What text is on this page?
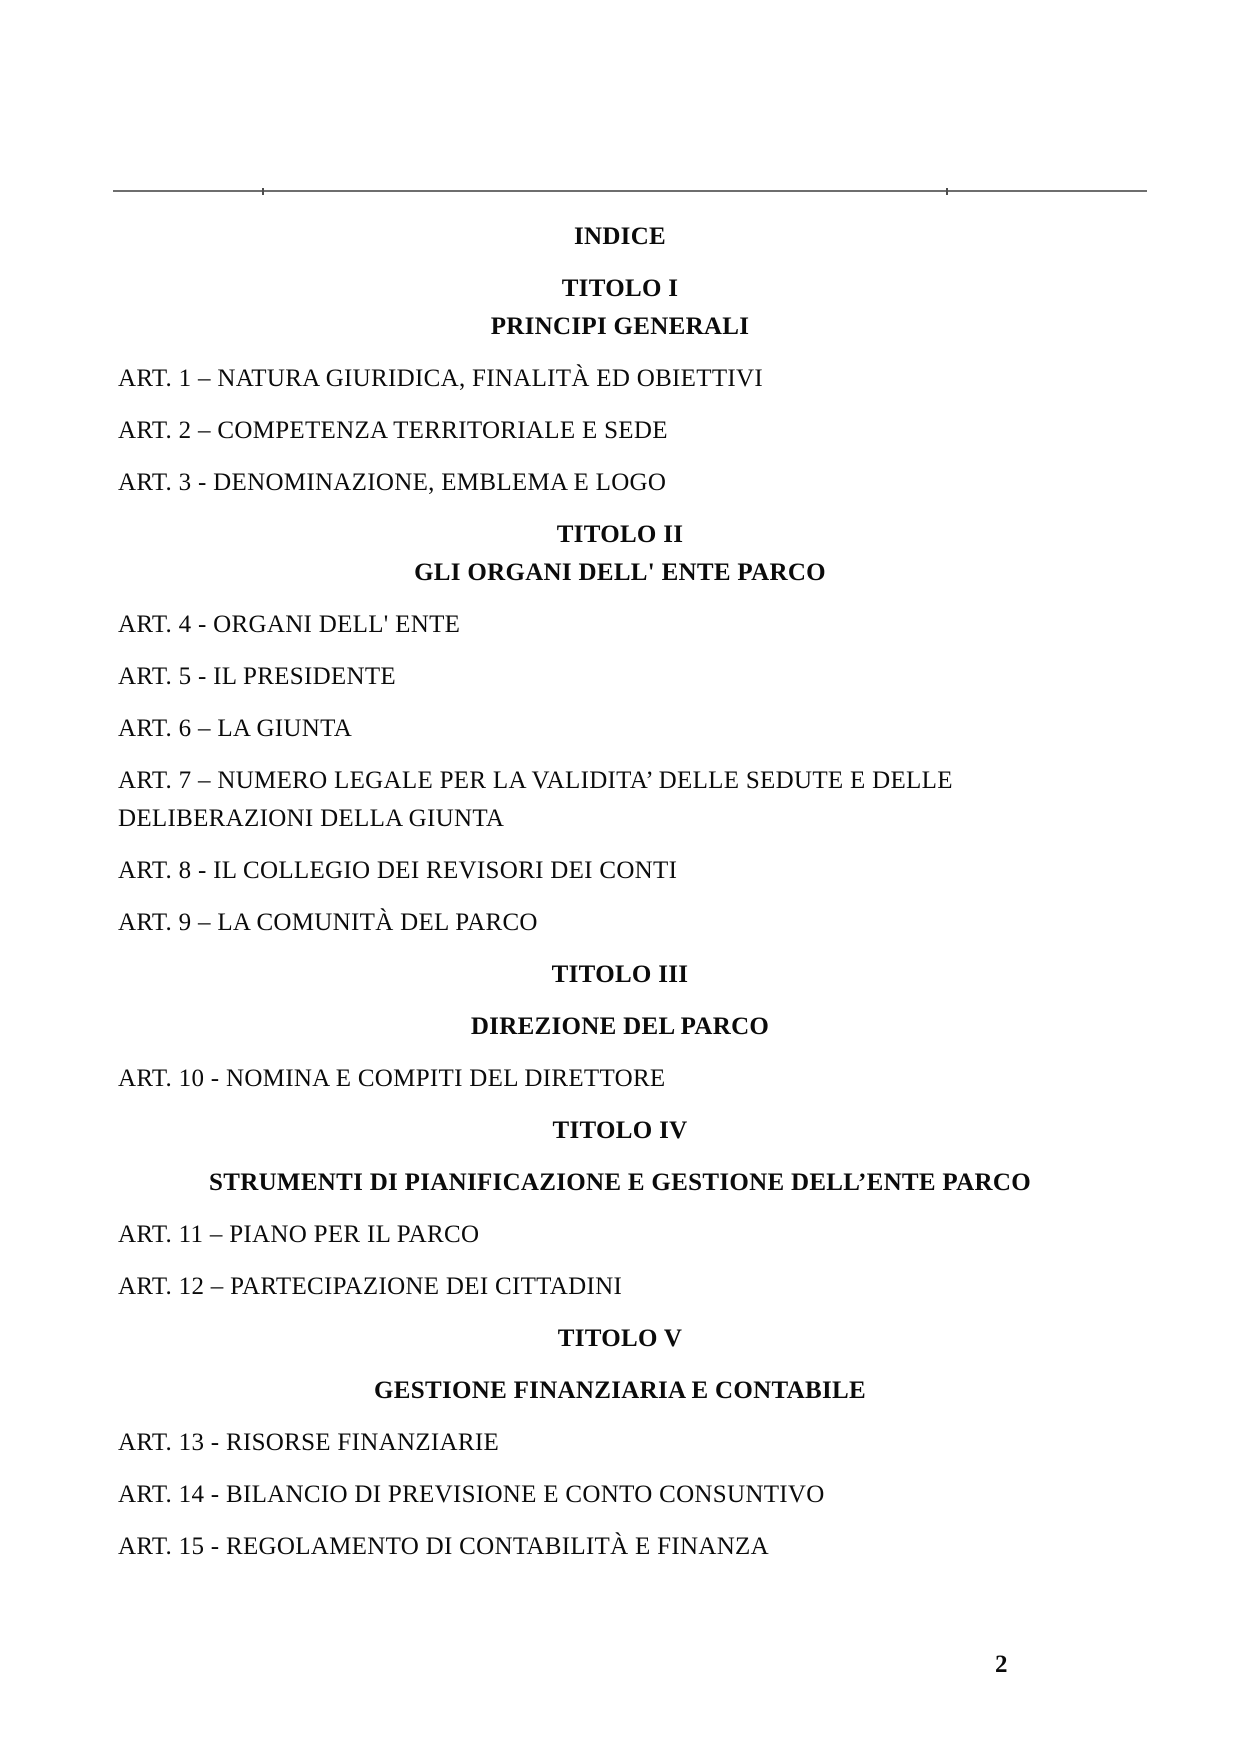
INDICE
TITOLO I
PRINCIPI GENERALI
ART. 1 – NATURA GIURIDICA, FINALITÀ ED OBIETTIVI
ART. 2 – COMPETENZA TERRITORIALE E SEDE
ART. 3 - DENOMINAZIONE, EMBLEMA E LOGO
TITOLO II
GLI ORGANI DELL' ENTE PARCO
ART. 4 - ORGANI DELL' ENTE
ART. 5 - IL PRESIDENTE
ART. 6 – LA GIUNTA
ART. 7 – NUMERO LEGALE PER LA VALIDITA’ DELLE SEDUTE E DELLE
DELIBERAZIONI DELLA GIUNTA
ART. 8 - IL COLLEGIO DEI REVISORI DEI CONTI
ART. 9 – LA COMUNITÀ DEL PARCO
TITOLO III
DIREZIONE DEL PARCO
ART. 10 - NOMINA E COMPITI DEL DIRETTORE
TITOLO IV
STRUMENTI DI PIANIFICAZIONE E GESTIONE DELL’ENTE PARCO
ART. 11 – PIANO PER IL PARCO
ART. 12 – PARTECIPAZIONE DEI CITTADINI
TITOLO V
GESTIONE FINANZIARIA E CONTABILE
ART. 13 - RISORSE FINANZIARIE
ART. 14 - BILANCIO DI PREVISIONE E CONTO CONSUNTIVO
ART. 15 - REGOLAMENTO DI CONTABILITÀ E FINANZA
2
